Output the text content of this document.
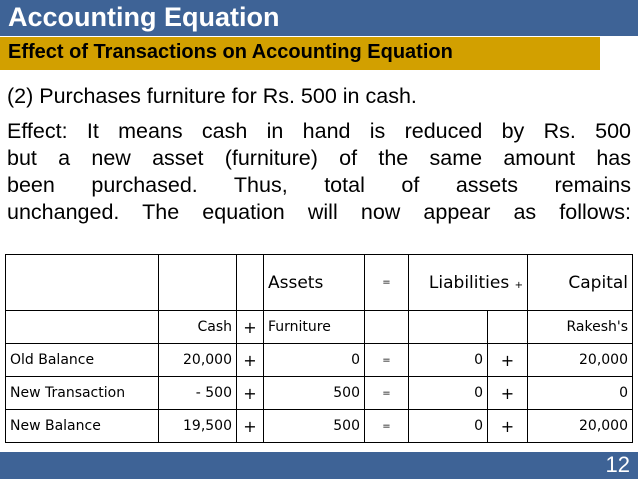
Accounting Equation
Effect of Transactions on Accounting Equation
(2) Purchases furniture for Rs. 500 in cash.

Effect: It means cash in hand is reduced by Rs. 500
but a new asset (furniture) of the same amount has
been purchased. Thus, total of assets remains
unchanged. The equation will now appear as follows:

			Assets	=	Liabilities +		Capital
	Cash	+	Furniture				Rakesh's
Old Balance	20,000	+	0	=	0	+	20,000
New Transaction	- 500	+	500	=	0	+	0
New Balance	19,500	+	500	=	0	+	20,000
12
